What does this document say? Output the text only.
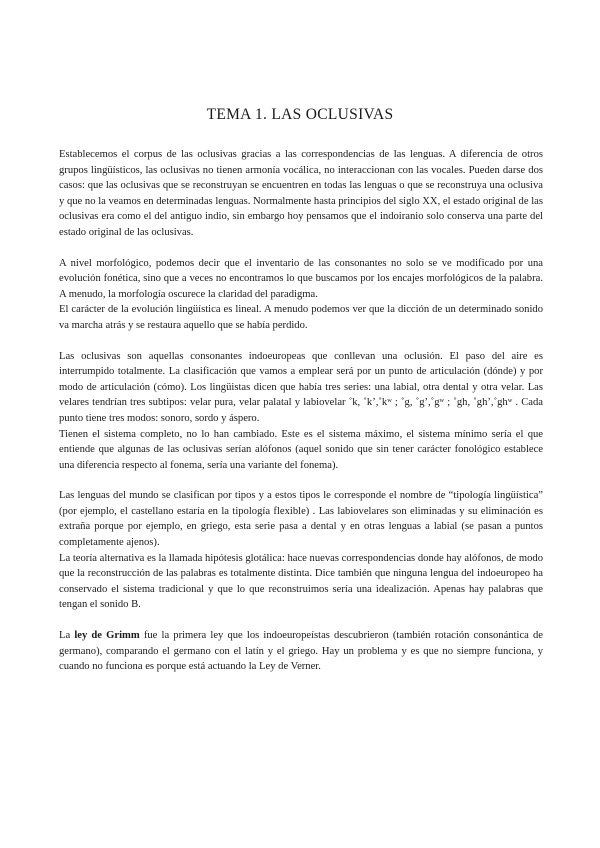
TEMA 1. LAS OCLUSIVAS

Establecemos el corpus de las oclusivas gracias a las correspondencias de las lenguas. A diferencia de otros grupos lingüísticos, las oclusivas no tienen armonía vocálica, no interaccionan con las vocales. Pueden darse dos casos: que las oclusivas que se reconstruyan se encuentren en todas las lenguas o que se reconstruya una oclusiva y que no la veamos en determinadas lenguas. Normalmente hasta principios del siglo XX, el estado original de las oclusivas era como el del antiguo indio, sin embargo hoy pensamos que el indoiranio solo conserva una parte del estado original de las oclusivas.

A nivel morfológico, podemos decir que el inventario de las consonantes no solo se ve modificado por una evolución fonética, sino que a veces no encontramos lo que buscamos por los encajes morfológicos de la palabra. A menudo, la morfología oscurece la claridad del paradigma.

El carácter de la evolución lingüística es lineal. A menudo podemos ver que la dicción de un determinado sonido va marcha atrás y se restaura aquello que se había perdido.

Las oclusivas son aquellas consonantes indoeuropeas que conllevan una oclusión. El paso del aire es interrumpido totalmente. La clasificación que vamos a emplear será por un punto de articulación (dónde) y por modo de articulación (cómo). Los lingüistas dicen que había tres series: una labial, otra dental y otra velar. Las velares tendrían tres subtipos: velar pura, velar palatal y labiovelar ˚k, ˚k’,˚kʷ ; ˚g, ˚g’,˚gʷ ; ˚gh, ˚gh’,˚ghʷ . Cada punto tiene tres modos: sonoro, sordo y áspero.

Tienen el sistema completo, no lo han cambiado. Este es el sistema máximo, el sistema mínimo sería el que entiende que algunas de las oclusivas serían alófonos (aquel sonido que sin tener carácter fonológico establece una diferencia respecto al fonema, sería una variante del fonema).

Las lenguas del mundo se clasifican por tipos y a estos tipos le corresponde el nombre de “tipología lingüística” (por ejemplo, el castellano estaría en la tipología flexible) . Las labiovelares son eliminadas y su eliminación es extraña porque por ejemplo, en griego, esta serie pasa a dental y en otras lenguas a labial (se pasan a puntos completamente ajenos).

La teoría alternativa es la llamada hipótesis glotálica: hace nuevas correspondencias donde hay alófonos, de modo que la reconstrucción de las palabras es totalmente distinta. Dice también que ninguna lengua del indoeuropeo ha conservado el sistema tradicional y que lo que reconstruimos sería una idealización. Apenas hay palabras que tengan el sonido B.

La ley de Grimm fue la primera ley que los indoeuropeístas descubrieron (también rotación consonántica de germano), comparando el germano con el latín y el griego. Hay un problema y es que no siempre funciona, y cuando no funciona es porque está actuando la Ley de Verner.
